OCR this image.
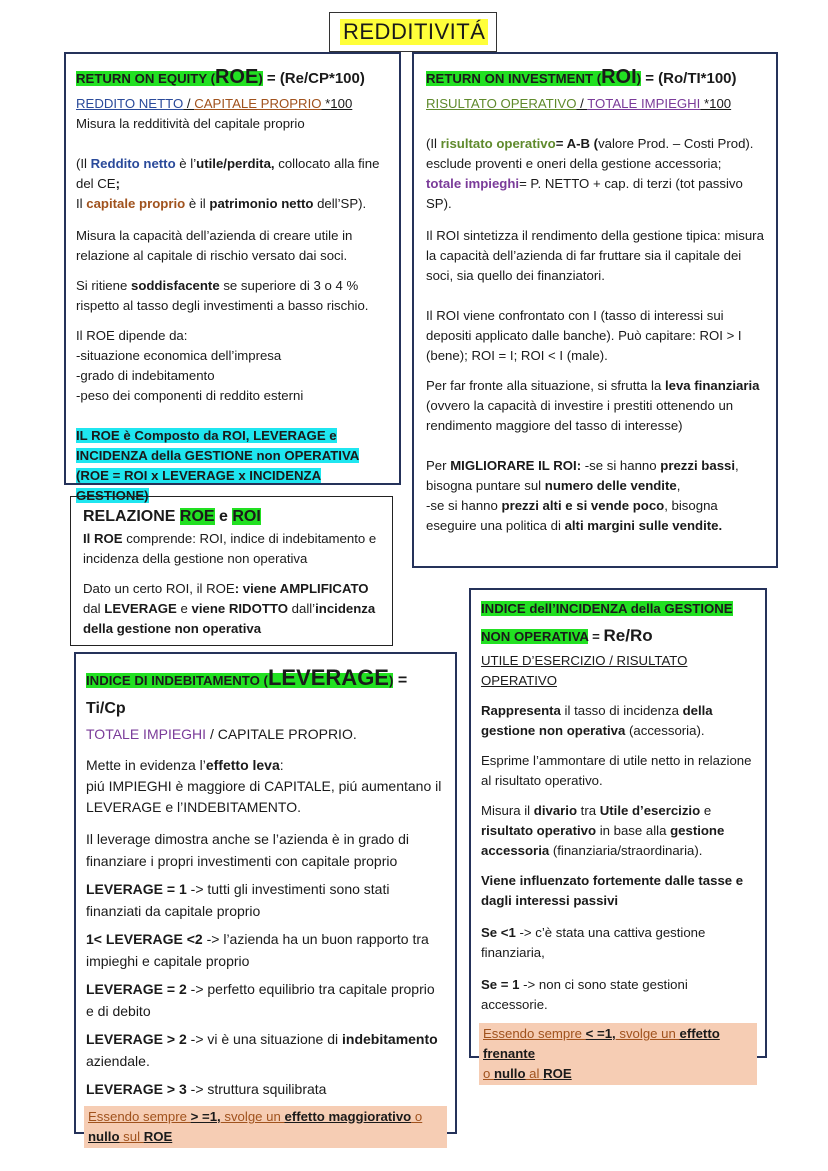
REDDITIVITÁ

RETURN ON EQUITY (ROE) = (Re/CP*100)

REDDITO NETTO / CAPITALE PROPRIO *100

Misura la redditività del capitale proprio

(Il Reddito netto è l’utile/perdita, collocato alla fine del CE;
Il capitale proprio è il patrimonio netto dell’SP).

Misura la capacità dell’azienda di creare utile in relazione al capitale di rischio versato dai soci.

Si ritiene soddisfacente se superiore di 3 o 4 % rispetto al tasso degli investimenti a basso rischio.

Il ROE dipende da:

-situazione economica dell’impresa

-grado di indebitamento

-peso dei componenti di reddito esterni

IL ROE è Composto da ROI, LEVERAGE e INCIDENZA della GESTIONE non OPERATIVA (ROE = ROI x LEVERAGE x INCIDENZA GESTIONE)

RETURN ON INVESTMENT (ROI) = (Ro/TI*100)

RISULTATO OPERATIVO / TOTALE IMPIEGHI *100

(Il risultato operativo= A-B (valore Prod. – Costi Prod). esclude proventi e oneri della gestione accessoria;
totale impieghi= P. NETTO + cap. di terzi (tot passivo SP).

Il ROI sintetizza il rendimento della gestione tipica: misura la capacità dell’azienda di far fruttare sia il capitale dei soci, sia quello dei finanziatori.

Il ROI viene confrontato con I (tasso di interessi sui depositi applicato dalle banche). Può capitare: ROI > I (bene); ROI = I; ROI < I (male).

Per far fronte alla situazione, si sfrutta la leva finanziaria (ovvero la capacità di investire i prestiti ottenendo un rendimento maggiore del tasso di interesse)

Per MIGLIORARE IL ROI: -se si hanno prezzi bassi, bisogna puntare sul numero delle vendite,
-se si hanno prezzi alti e si vende poco, bisogna eseguire una politica di alti margini sulle vendite.

RELAZIONE ROE e ROI

Il ROE comprende: ROI, indice di indebitamento e incidenza della gestione non operativa

Dato un certo ROI, il ROE: viene AMPLIFICATO
dal LEVERAGE e viene RIDOTTO dall’incidenza della gestione non operativa

INDICE DI INDEBITAMENTO (LEVERAGE) = Ti/Cp

TOTALE IMPIEGHI / CAPITALE PROPRIO.

Mette in evidenza l’effetto leva:
piú IMPIEGHI è maggiore di CAPITALE, piú aumentano il LEVERAGE e l’INDEBITAMENTO.

Il leverage dimostra anche se l’azienda è in grado di finanziare i propri investimenti con capitale proprio

LEVERAGE = 1 -> tutti gli investimenti sono stati finanziati da capitale proprio

1< LEVERAGE <2 -> l’azienda ha un buon rapporto tra impieghi e capitale proprio

LEVERAGE = 2 -> perfetto equilibrio tra capitale proprio e di debito

LEVERAGE > 2 -> vi è una situazione di indebitamento aziendale.

LEVERAGE > 3 -> struttura squilibrata

Essendo sempre > =1, svolge un effetto maggiorativo o
nullo sul ROE

INDICE dell’INCIDENZA della GESTIONE

NON OPERATIVA = Re/Ro

UTILE D’ESERCIZIO / RISULTATO OPERATIVO

Rappresenta il tasso di incidenza della gestione non operativa (accessoria).

Esprime l’ammontare di utile netto in relazione al risultato operativo.

Misura il divario tra Utile d’esercizio e risultato operativo in base alla gestione accessoria (finanziaria/straordinaria).

Viene influenzato fortemente dalle tasse e dagli interessi passivi

Se <1 -> c’è stata una cattiva gestione finanziaria,

Se = 1 -> non ci sono state gestioni accessorie.

Essendo sempre < =1, svolge un effetto frenante
o nullo al ROE
